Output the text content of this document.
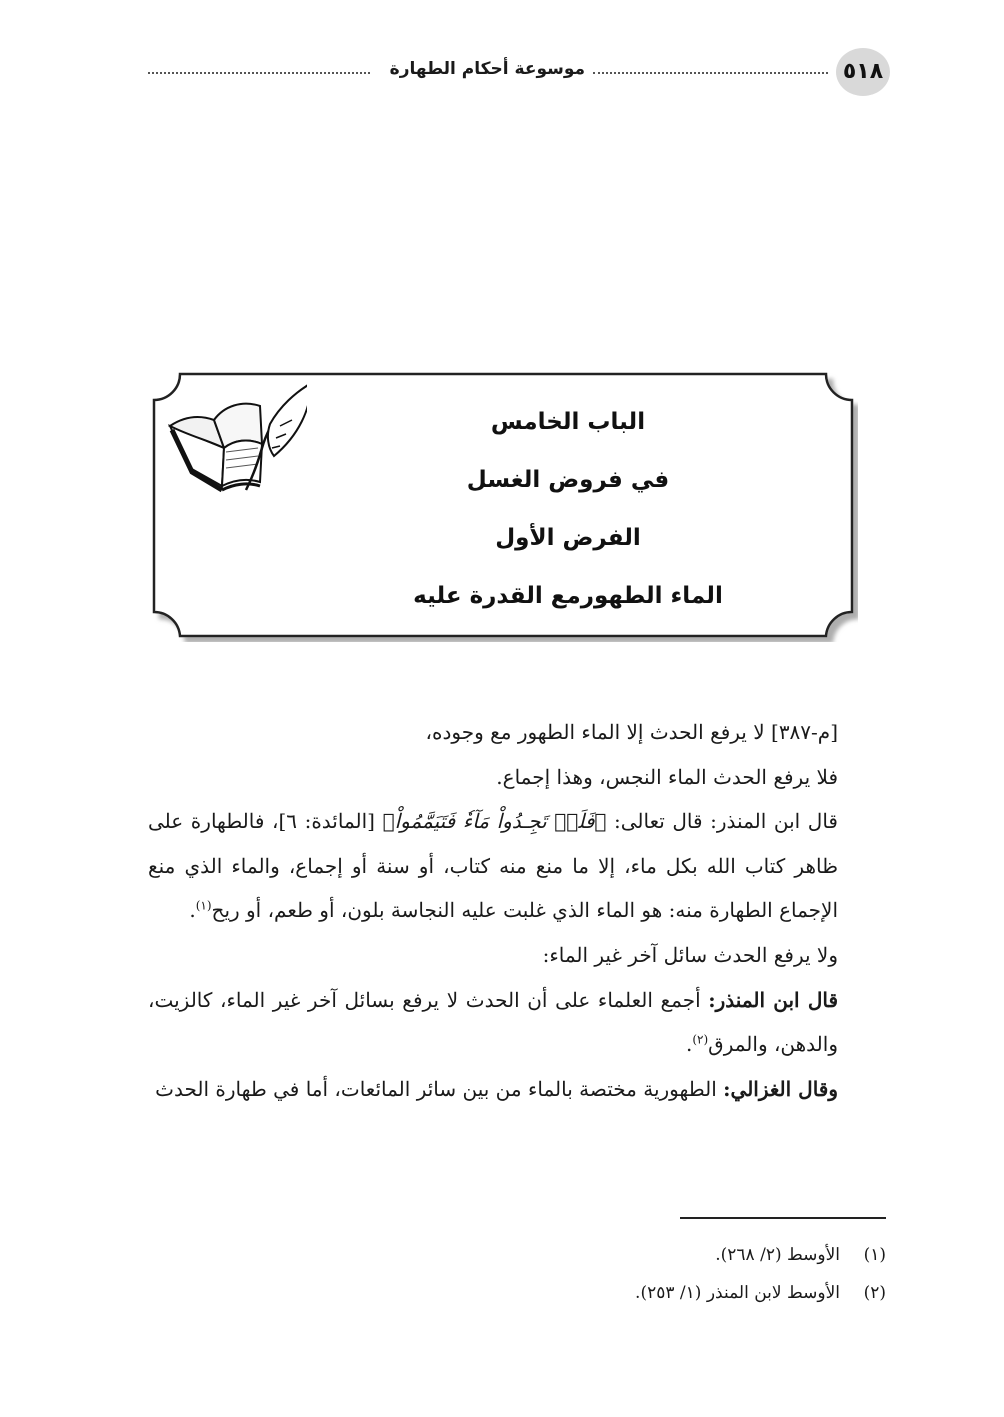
٥١٨
موسوعة أحكام الطهارة
الباب الخامس
في فروض الغسل
الفرض الأول
الماء الطهورمع القدرة عليه

[م-٣٨٧] لا يرفع الحدث إلا الماء الطهور مع وجوده،

فلا يرفع الحدث الماء النجس، وهذا إجماع.

قال ابن المنذر: قال تعالى: ﴿فَلَمۡ تَجِـدُواْ مَآءٗ فَتَيَمَّمُواْ﴾ [المائدة: ٦]، فالطهارة على ظاهر كتاب الله بكل ماء، إلا ما منع منه كتاب، أو سنة أو إجماع، والماء الذي منع الإجماع الطهارة منه: هو الماء الذي غلبت عليه النجاسة بلون، أو طعم، أو ريح$^{(١)}$.

ولا يرفع الحدث سائل آخر غير الماء:

قال ابن المنذر: أجمع العلماء على أن الحدث لا يرفع بسائل آخر غير الماء، كالزيت، والدهن، والمرق$^{(٢)}$.

وقال الغزالي: الطهورية مختصة بالماء من بين سائر المائعات، أما في طهارة الحدث

(١)الأوسط (٢/ ٢٦٨).

(٢)الأوسط لابن المنذر (١/ ٢٥٣).
